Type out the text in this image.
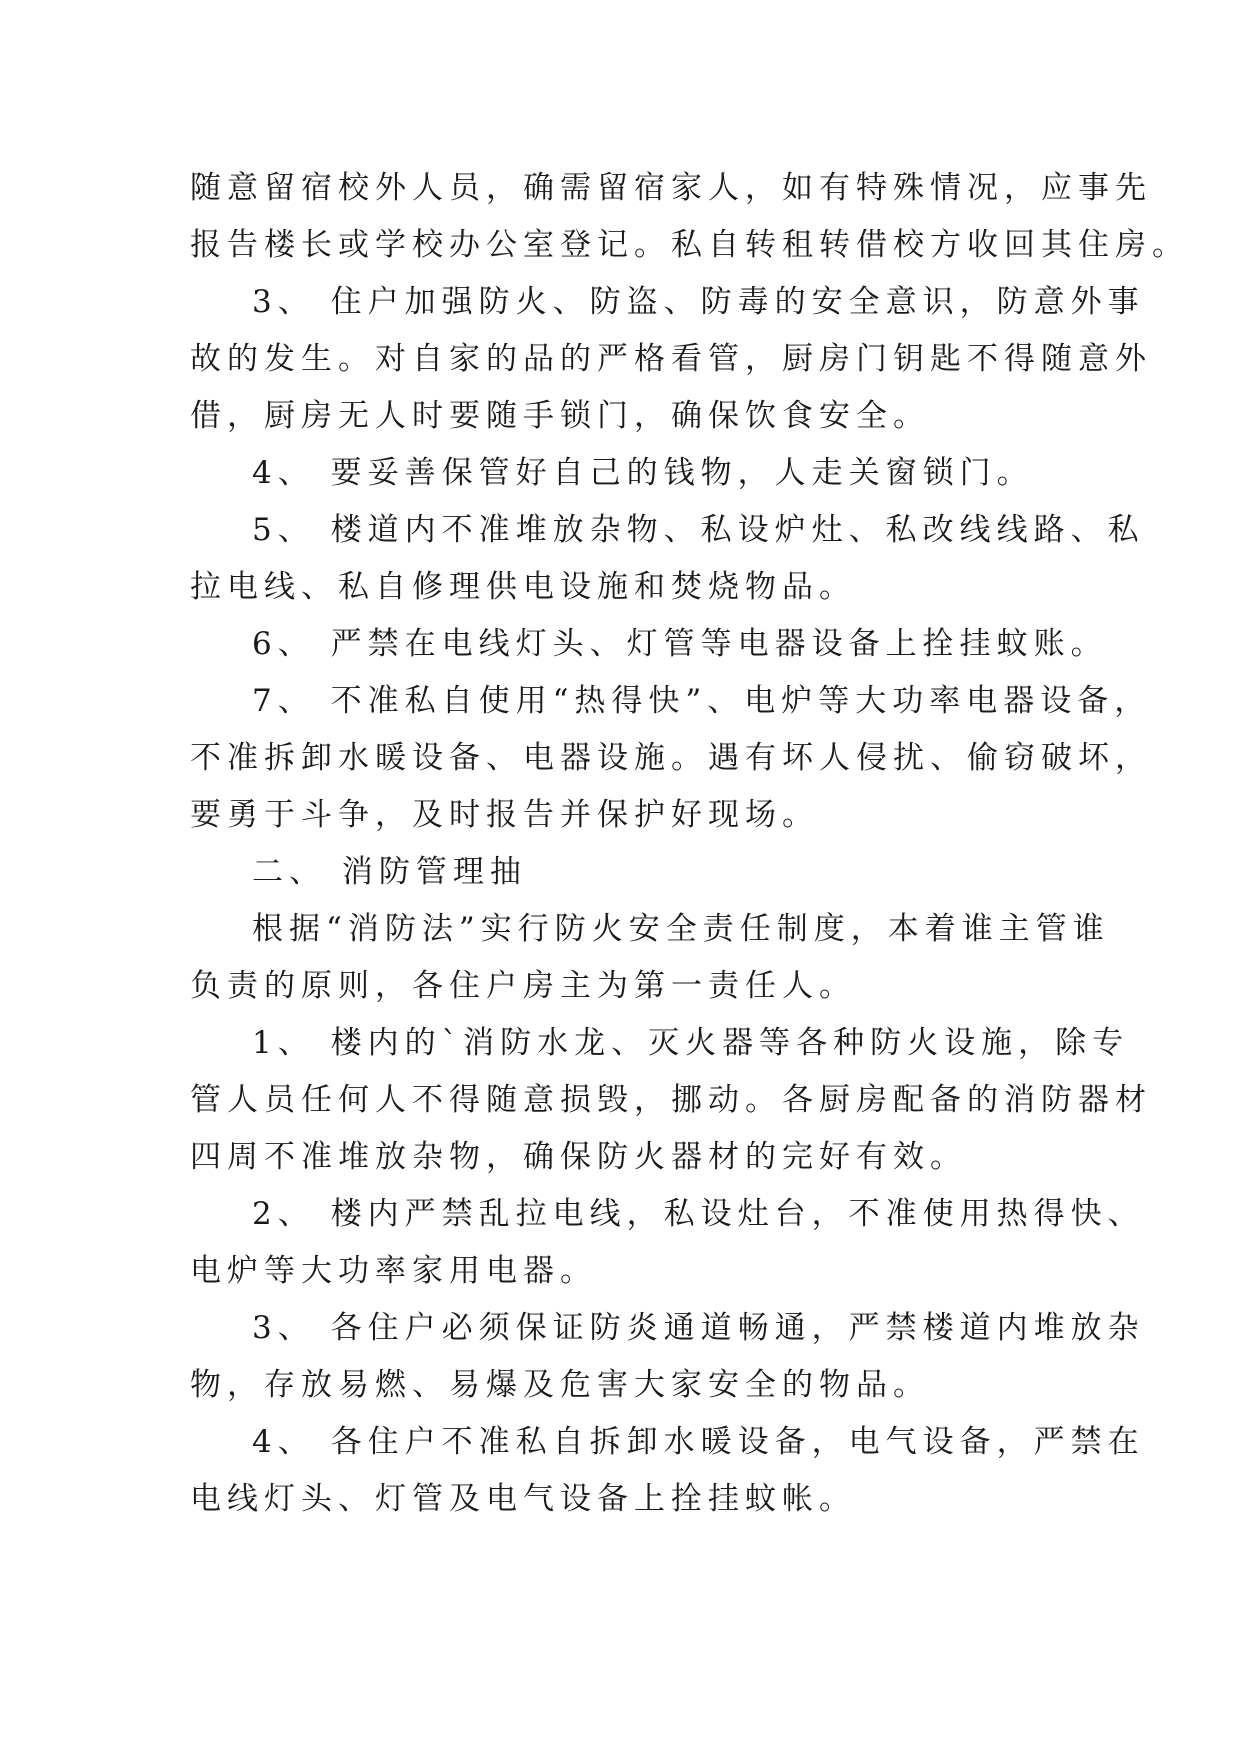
随意留宿校外人员，确需留宿家人，如有特殊情况，应事先
报告楼长或学校办公室登记。私自转租转借校方收回其住房。
3、 住户加强防火、防盗、防毒的安全意识，防意外事
故的发生。对自家的品的严格看管，厨房门钥匙不得随意外
借，厨房无人时要随手锁门，确保饮食安全。
4、 要妥善保管好自己的钱物，人走关窗锁门。
5、 楼道内不准堆放杂物、私设炉灶、私改线线路、私
拉电线、私自修理供电设施和焚烧物品。
6、 严禁在电线灯头、灯管等电器设备上拴挂蚊账。
7、 不准私自使用“热得快”、电炉等大功率电器设备，
不准拆卸水暖设备、电器设施。遇有坏人侵扰、偷窃破坏，
要勇于斗争，及时报告并保护好现场。
二、 消防管理抽
根据“消防法”实行防火安全责任制度，本着谁主管谁
负责的原则，各住户房主为第一责任人。
1、 楼内的`消防水龙、灭火器等各种防火设施，除专
管人员任何人不得随意损毁，挪动。各厨房配备的消防器材
四周不准堆放杂物，确保防火器材的完好有效。
2、 楼内严禁乱拉电线，私设灶台，不准使用热得快、
电炉等大功率家用电器。
3、 各住户必须保证防炎通道畅通，严禁楼道内堆放杂
物，存放易燃、易爆及危害大家安全的物品。
4、 各住户不准私自拆卸水暖设备，电气设备，严禁在
电线灯头、灯管及电气设备上拴挂蚊帐。
